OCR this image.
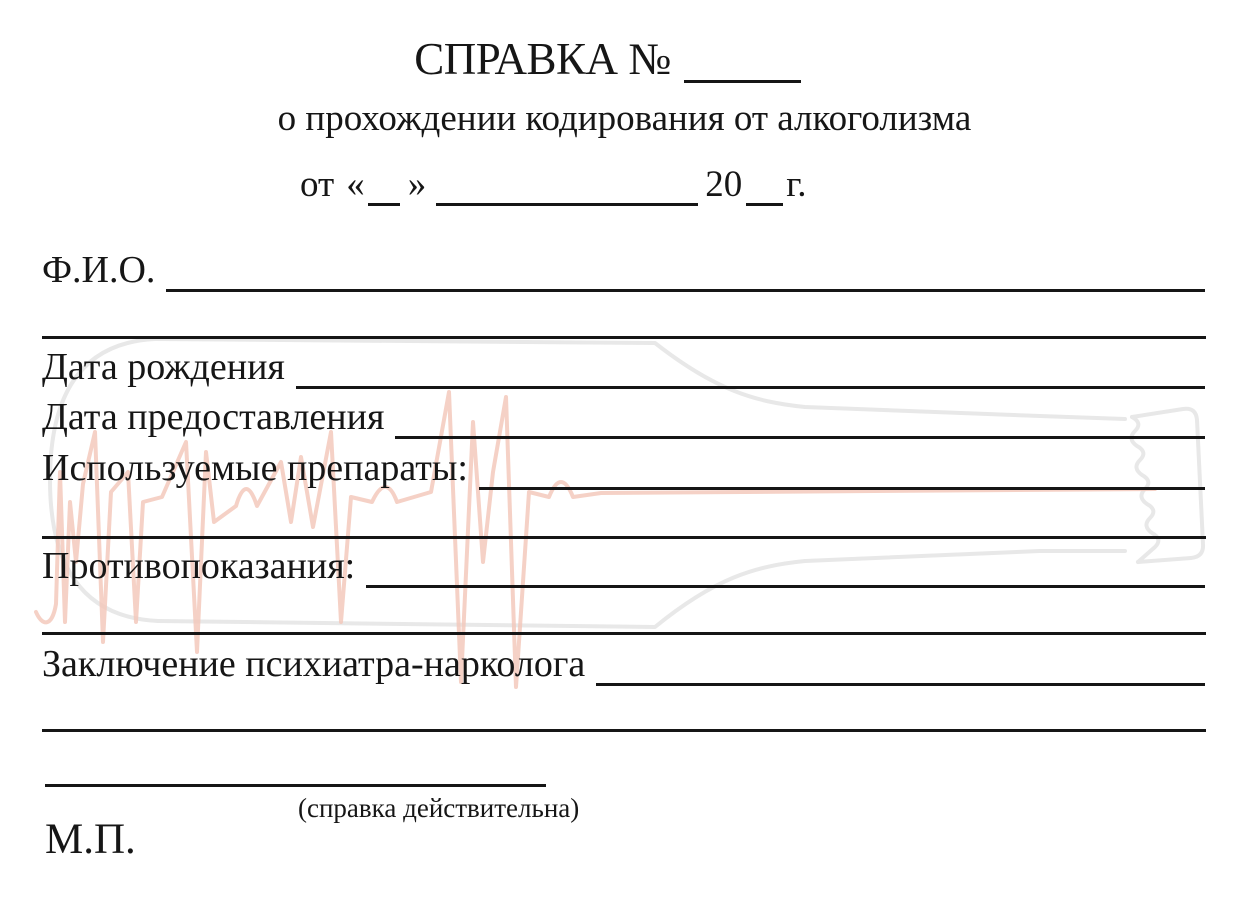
СПРАВКА №
о прохождении кодирования от алкоголизма
от « »	20 г.
Ф.И.О.
Дата рождения
Дата предоставления
Используемые препараты:
Противопоказания:
Заключение психиатра-нарколога
(справка действительна)
М.П.
